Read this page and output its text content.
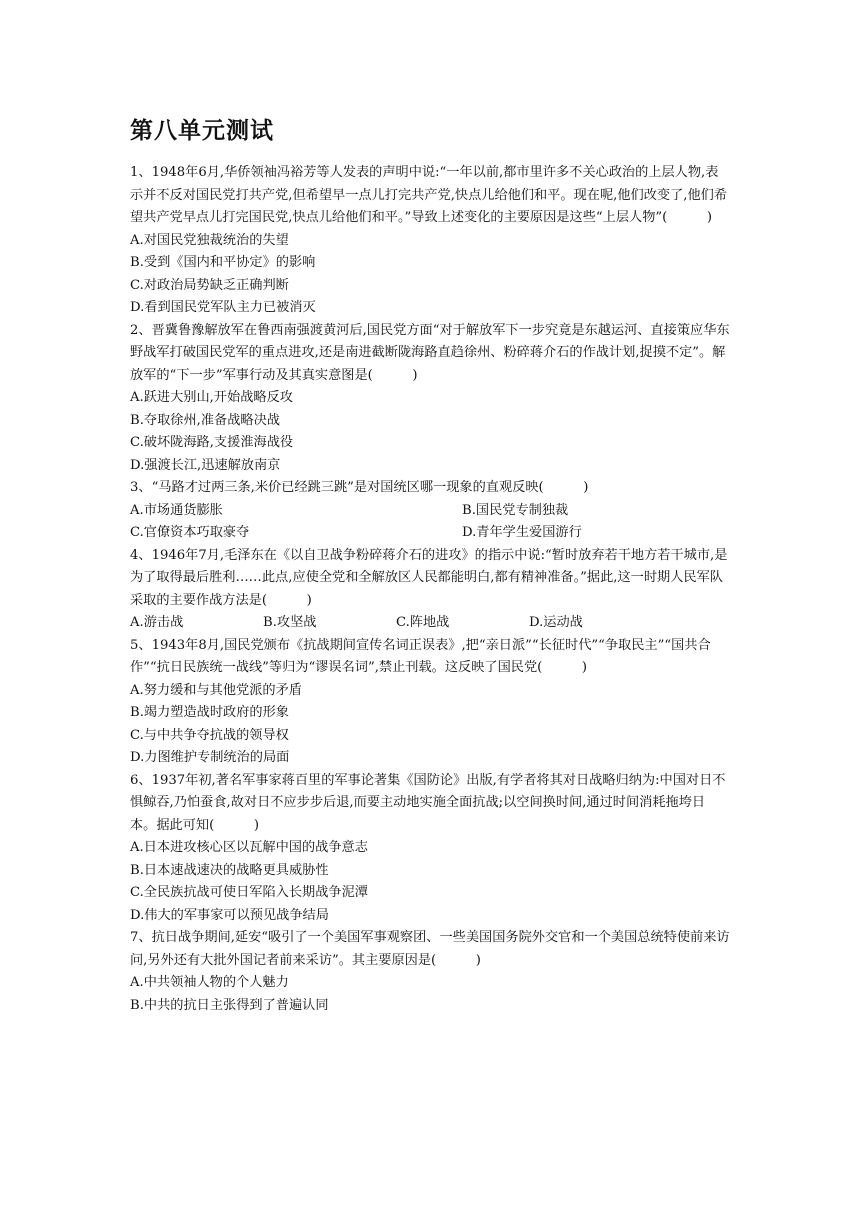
第八单元测试

1、1948年6月,华侨领袖冯裕芳等人发表的声明中说:“一年以前,都市里许多不关心政治的上层人物,表示并不反对国民党打共产党,但希望早一点儿打完共产党,快点儿给他们和平。现在呢,他们改变了,他们希望共产党早点儿打完国民党,快点儿给他们和平。”导致上述变化的主要原因是这些“上层人物”(　　　)

A.对国民党独裁统治的失望

B.受到《国内和平协定》的影响

C.对政治局势缺乏正确判断

D.看到国民党军队主力已被消灭

2、晋冀鲁豫解放军在鲁西南强渡黄河后,国民党方面“对于解放军下一步究竟是东越运河、直接策应华东野战军打破国民党军的重点进攻,还是南进截断陇海路直趋徐州、粉碎蒋介石的作战计划,捉摸不定”。解放军的“下一步”军事行动及其真实意图是(　　　)

A.跃进大别山,开始战略反攻

B.夺取徐州,准备战略决战

C.破坏陇海路,支援淮海战役

D.强渡长江,迅速解放南京

3、“马路才过两三条,米价已经跳三跳”是对国统区哪一现象的直观反映(　　　)

A.市场通货膨胀	B.国民党专制独裁
C.官僚资本巧取豪夺	D.青年学生爱国游行

4、1946年7月,毛泽东在《以自卫战争粉碎蒋介石的进攻》的指示中说:“暂时放弃若干地方若干城市,是为了取得最后胜利……此点,应使全党和全解放区人民都能明白,都有精神准备。”据此,这一时期人民军队采取的主要作战方法是(　　　)

A.游击战	B.攻坚战	C.阵地战	D.运动战

5、1943年8月,国民党颁布《抗战期间宣传名词正误表》,把“亲日派”“长征时代”“争取民主”“国共合作”“抗日民族统一战线”等归为“谬误名词”,禁止刊载。这反映了国民党(　　　)

A.努力缓和与其他党派的矛盾

B.竭力塑造战时政府的形象

C.与中共争夺抗战的领导权

D.力图维护专制统治的局面

6、1937年初,著名军事家蒋百里的军事论著集《国防论》出版,有学者将其对日战略归纳为:中国对日不惧鲸吞,乃怕蚕食,故对日不应步步后退,而要主动地实施全面抗战;以空间换时间,通过时间消耗拖垮日本。据此可知(　　　)

A.日本进攻核心区以瓦解中国的战争意志

B.日本速战速决的战略更具威胁性

C.全民族抗战可使日军陷入长期战争泥潭

D.伟大的军事家可以预见战争结局

7、抗日战争期间,延安“吸引了一个美国军事观察团、一些美国国务院外交官和一个美国总统特使前来访问,另外还有大批外国记者前来采访”。其主要原因是(　　　)

A.中共领袖人物的个人魅力

B.中共的抗日主张得到了普遍认同
